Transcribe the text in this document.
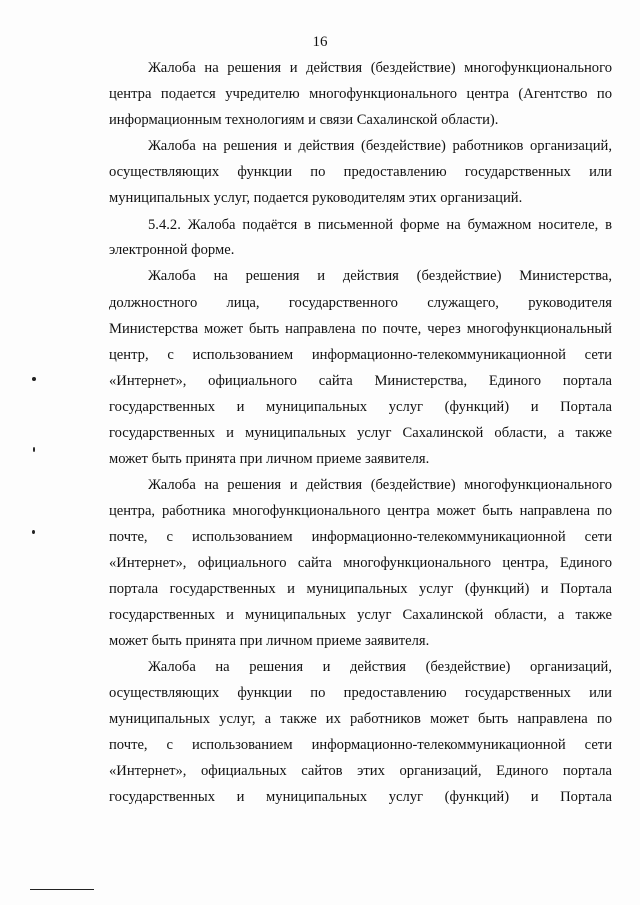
16
Жалоба на решения и действия (бездействие) многофункционального
центра подается учредителю многофункционального центра (Агентство по
информационным технологиям и связи Сахалинской области).
Жалоба на решения и действия (бездействие) работников организаций,
осуществляющих функции по предоставлению государственных или
муниципальных услуг, подается руководителям этих организаций.
5.4.2. Жалоба подаётся в письменной форме на бумажном носителе, в
электронной форме.
Жалоба на решения и действия (бездействие) Министерства,
должностного лица, государственного служащего, руководителя
Министерства может быть направлена по почте, через многофункциональный
центр, с использованием информационно-телекоммуникационной сети
«Интернет», официального сайта Министерства, Единого портала
государственных и муниципальных услуг (функций) и Портала
государственных и муниципальных услуг Сахалинской области, а также
может быть принята при личном приеме заявителя.
Жалоба на решения и действия (бездействие) многофункционального
центра, работника многофункционального центра может быть направлена по
почте, с использованием информационно-телекоммуникационной сети
«Интернет», официального сайта многофункционального центра, Единого
портала государственных и муниципальных услуг (функций) и Портала
государственных и муниципальных услуг Сахалинской области, а также
может быть принята при личном приеме заявителя.
Жалоба на решения и действия (бездействие) организаций,
осуществляющих функции по предоставлению государственных или
муниципальных услуг, а также их работников может быть направлена по
почте, с использованием информационно-телекоммуникационной сети
«Интернет», официальных сайтов этих организаций, Единого портала
государственных и муниципальных услуг (функций) и Портала
